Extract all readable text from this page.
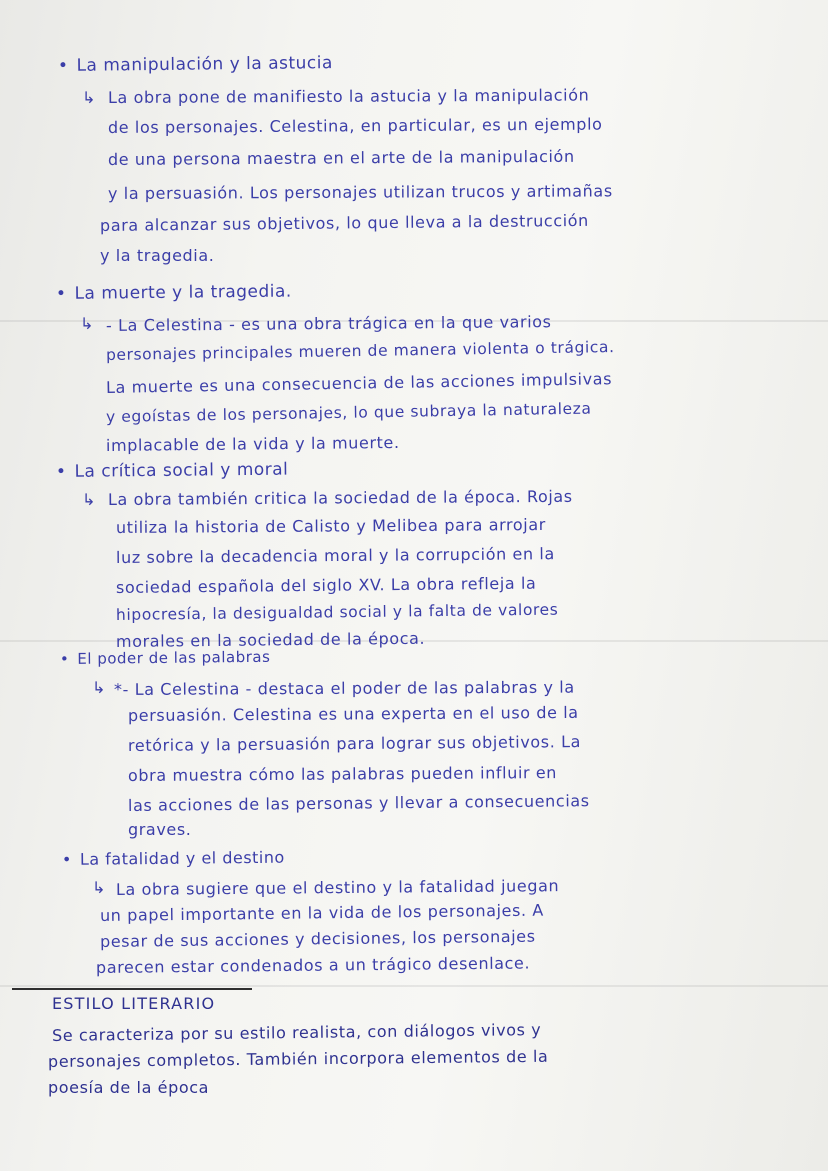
• La manipulación y la astucia
↳ La obra pone de manifiesto la astucia y la manipulación
de los personajes. Celestina, en particular, es un ejemplo
de una persona maestra en el arte de la manipulación
y la persuasión. Los personajes utilizan trucos y artimañas
para alcanzar sus objetivos, lo que lleva a la destrucción
y la tragedia.
• La muerte y la tragedia.
↳ - La Celestina - es una obra trágica en la que varios
personajes principales mueren de manera violenta o trágica.
La muerte es una consecuencia de las acciones impulsivas
y egoístas de los personajes, lo que subraya la naturaleza
implacable de la vida y la muerte.
• La crítica social y moral
↳ La obra también critica la sociedad de la época. Rojas
utiliza la historia de Calisto y Melibea para arrojar
luz sobre la decadencia moral y la corrupción en la
sociedad española del siglo XV. La obra refleja la
hipocresía, la desigualdad social y la falta de valores
morales en la sociedad de la época.
• El poder de las palabras
↳ *- La Celestina - destaca el poder de las palabras y la
persuasión. Celestina es una experta en el uso de la
retórica y la persuasión para lograr sus objetivos. La
obra muestra cómo las palabras pueden influir en
las acciones de las personas y llevar a consecuencias
graves.
• La fatalidad y el destino
↳ La obra sugiere que el destino y la fatalidad juegan
un papel importante en la vida de los personajes. A
pesar de sus acciones y decisiones, los personajes
parecen estar condenados a un trágico desenlace.
ESTILO LITERARIO
Se caracteriza por su estilo realista, con diálogos vivos y
personajes completos. También incorpora elementos de la
poesía de la época
